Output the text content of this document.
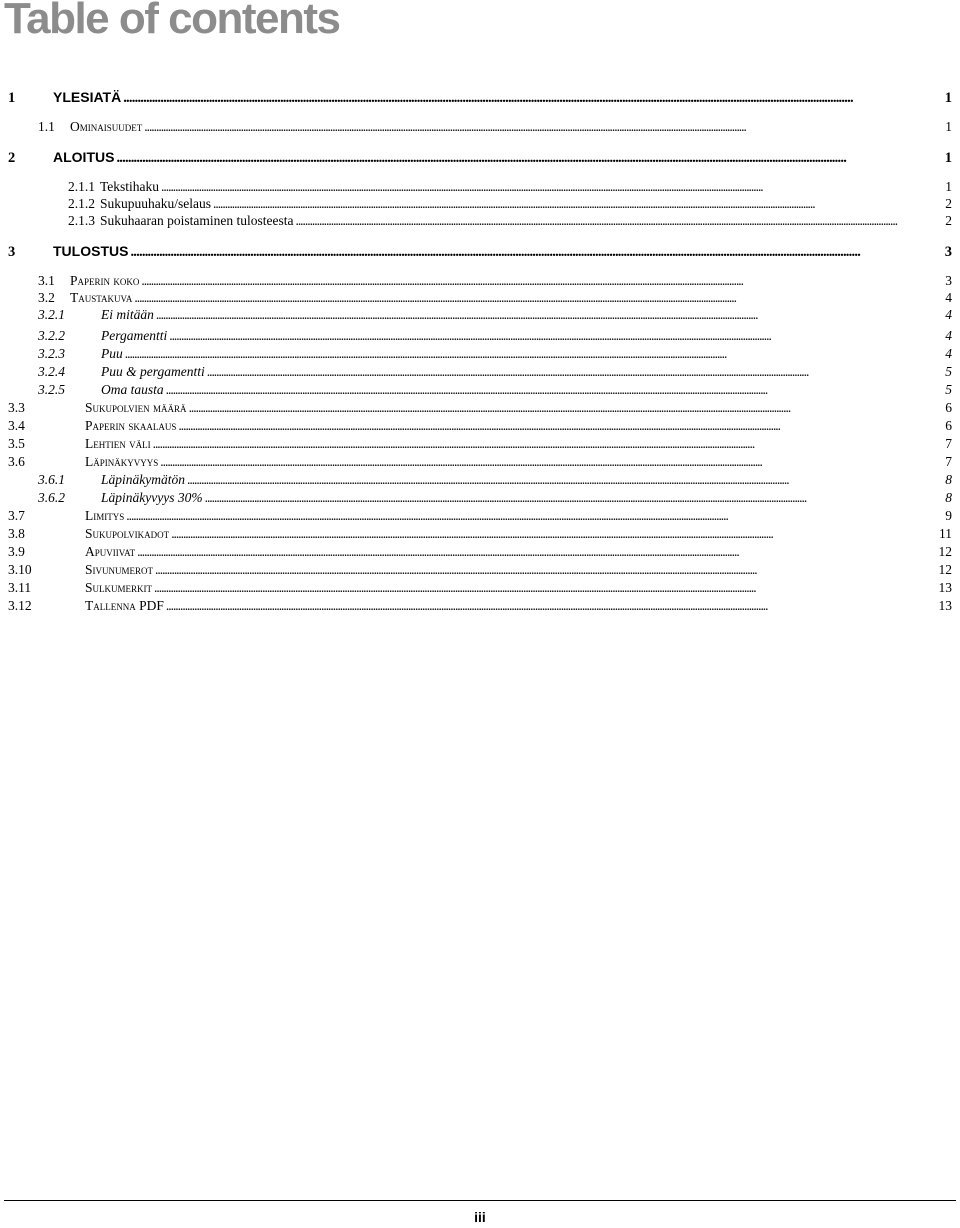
Table of contents
1	YLESIATÄ . . .	1
1.1	Ominaisuudet . . .	1
2	ALOITUS . . .	1
2.1.1 Tekstihaku . . .	1
2.1.2 Sukupuuhaku/selaus . . .	2
2.1.3 Sukuhaaran poistaminen tulosteesta . . .	2
3	TULOSTUS . . .	3
3.1	Paperin koko . . .	3
3.2	Taustakuva . . .	4
3.2.1	Ei mitään . . .	4
3.2.2	Pergamentti . . .	4
3.2.3	Puu . . .	4
3.2.4	Puu & pergamentti . . .	5
3.2.5	Oma tausta . . .	5
3.3	Sukupolvien määrä . . .	6
3.4	Paperin skaalaus . . .	6
3.5	Lehtien väli . . .	7
3.6	Läpinäkyvyys . . .	7
3.6.1	Läpinäkymätön . . .	8
3.6.2	Läpinäkyvyys 30% . . .	8
3.7	Limitys . . .	9
3.8	Sukupolvikadot . . .	11
3.9	Apuviivat . . .	12
3.10	Sivunumerot . . .	12
3.11	Sulkumerkit . . .	13
3.12	Tallenna PDF . . .	13
iii
